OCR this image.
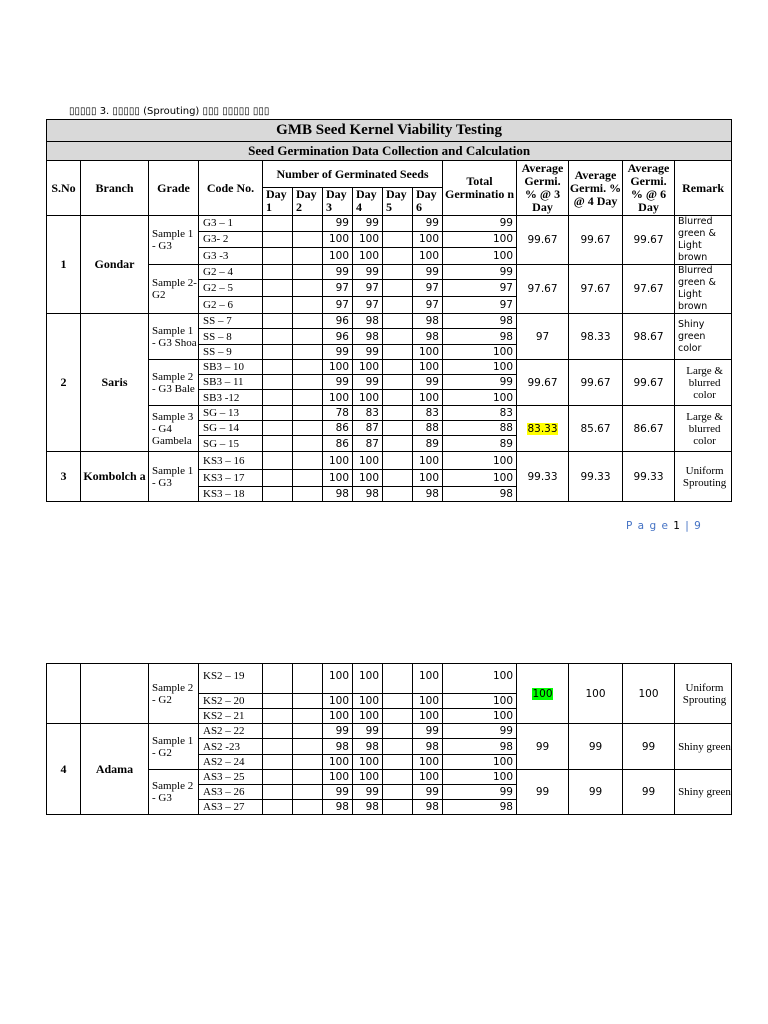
▯▯▯▯▯ 3. ▯▯▯▯▯ (Sprouting) ▯▯▯ ▯▯▯▯▯ ▯▯▯
GMB Seed Kernel Viability Testing														
Seed Germination Data Collection and Calculation														
S.No	Branch	Grade	Code No.	Number of Germinated Seeds						Total Germinatio n	Average Germi. % @ 3 Day	Average Germi. % @ 4 Day	Average Germi. % @ 6 Day	Remark
				Day 1	Day 2	Day 3	Day 4	Day 5	Day 6					
1	Gondar	Sample 1 - G3	G3 – 1			99	99		99	99	99.67	99.67	99.67	Blurred green & Light brown
			G3- 2			100	100		100	100				
			G3 -3			100	100		100	100				
		Sample 2- G2	G2 – 4			99	99		99	99	97.67	97.67	97.67	Blurred green & Light brown
			G2 – 5			97	97		97	97				
			G2 – 6			97	97		97	97				
2	Saris	Sample 1 - G3 Shoa	SS – 7			96	98		98	98	97	98.33	98.67	Shiny green color
			SS – 8			96	98		98	98				
			SS – 9			99	99		100	100				
		Sample 2 - G3 Bale	SB3 – 10			100	100		100	100	99.67	99.67	99.67	Large & blurred color
			SB3 – 11			99	99		99	99				
			SB3 -12			100	100		100	100				
		Sample 3 - G4 Gambela	SG – 13			78	83		83	83	83.33	85.67	86.67	Large & blurred color
			SG – 14			86	87		88	88				
			SG – 15			86	87		89	89				
3	Kombolch a	Sample 1 - G3	KS3 – 16			100	100		100	100	99.33	99.33	99.33	Uniform Sprouting
			KS3 – 17			100	100		100	100				
			KS3 – 18			98	98		98	98				
P a g e 1 | 9
		Sample 2 - G2	KS2 – 19			100	100		100	100	100	100	100	Uniform Sprouting
			KS2 – 20			100	100		100	100				
			KS2 – 21			100	100		100	100				
4	Adama	Sample 1 - G2	AS2 – 22			99	99		99	99	99	99	99	Shiny green
			AS2 -23			98	98		98	98				
			AS2 – 24			100	100		100	100				
		Sample 2 - G3	AS3 – 25			100	100		100	100	99	99	99	Shiny green
			AS3 – 26			99	99		99	99				
			AS3 – 27			98	98		98	98				
